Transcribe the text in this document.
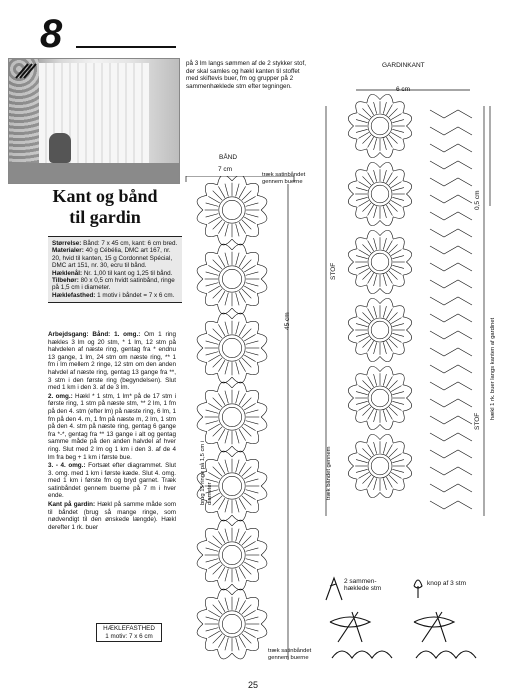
8
Kant og bånd
til gardin
Størrelse: Bånd: 7 x 45 cm, kant: 6 cm bred.
Materialer: 40 g Cébélia, DMC art 167, nr. 20, hvid til kanten, 15 g Cordonnet Spécial, DMC art 151, nr. 30, ecru til bånd.
Hæklenål: Nr. 1,00 til kant og 1,25 til bånd.
Tilbehør: 80 x 0,5 cm hvidt satinbånd, ringe på 1,5 cm i diameter.
Hæklefasthed: 1 motiv i båndet = 7 x 6 cm.

Arbejdsgang: Bånd: 1. omg.: Om 1 ring hækles 3 lm og 20 stm, * 1 lm, 12 stm på halvdelen af næste ring, gentag fra * endnu 13 gange, 1 lm, 24 stm om næste ring, ** 1 fm i lm mellem 2 ringe, 12 stm om den anden halvdel af næste ring, gentag 13 gange fra **, 3 stm i den første ring (begyndelsen). Slut med 1 km i den 3. af de 3 lm.

2. omg.: Hækl * 1 stm, 1 lm* på de 17 stm i første ring, 1 stm på næste stm, ** 2 lm, 1 fm på den 4. stm (efter lm) på næste ring, 6 lm, 1 fm på den 4. m, 1 fm på næste m, 2 lm, 1 stm på den 4. stm på næste ring, gentag 6 gange fra *-*, gentag fra ** 13 gange i alt og gentag samme måde på den anden halvdel af hver ring. Slut med 2 lm og 1 km i den 3. af de 4 lm fra beg + 1 km i første bue.

3. - 4. omg.: Fortsæt efter diagrammet. Slut 3. omg. med 1 km i første kæde. Slut 4. omg. med 1 km i første fm og bryd garnet. Træk satinbåndet gennem buerne på 7 m i hver ende.

Kant på gardin: Hækl på samme måde som til båndet (brug så mange ringe, som nødvendigt til den ønskede længde). Hækl derefter 1 rk. buer

HÆKLEFASTHED
1 motiv: 7 x 6 cm
på 3 lm langs sømmen af de 2 stykker stof, der skal samles og hækl kanten til stoffet med skiftevis buer, fm og grupper på 2 sammenhæklede stm efter tegningen.
BÅND
7 cm
træk satinbåndet gennem buerne
træk satinbåndet gennem buerne
45 cm
brug 15 ringe på 1,5 cm i diameter
GARDINKANT
6 cm
0,5 cm
STOF
STOF
træk båndet gennem
hækl 1 rk. buer langs kanten af gardinet
2 sammen-hæklede stm
knop af 3 stm
25
